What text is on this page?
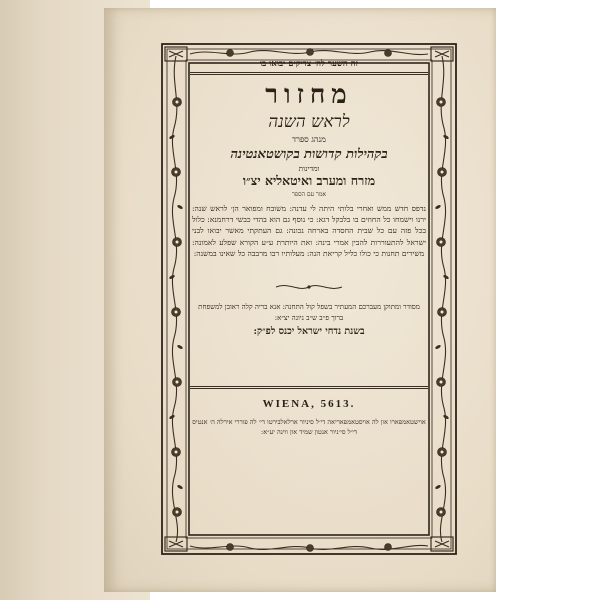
זה השער לה׳ צדיקים יבואו בו
מחזור
לראש השנה
מנהג ספרד
בקהילות קדושות בקושטאנטינה
ומדינות
מזרח ומערב ואיטאליא יצ״ו
אמר עם הספר
נדפס חדש ממש ואחרי בלותי היתה לי עדנה: משובח ומפואר הן׳ לראש שנה: ירנו וישמחו כל החוזים בו בלבקל דגא: כי נוסף גם הוא בהדי כבשי דרחמנא: כלול בכל פזה עם כל שבית החסדה בארחה נכונה: גם העתקתי מאשר יבואו לבני ישראל להתעוררות להבין אמרי בינה: ואת היותרת ע״ע הקורא שפלע לאמונה: משירים תחנות כי כולו כליל קריאת הנה: מעלותיו רבו מרבבה כל שאינו במשנה:
מסודר ומתוקן מעברכם המעתיר בשפל קול התחנה: אנא בריה קלה ראובן למשפחת ברוך פ״ב ש״ב ניונה יצ״א:
בשנת נדחי ישראל יכנס לפ״ק:
WIENA, 5613.
אוישטאמפארו און לה אויסטאמפאריאה די׳ל סיניור ארלאלבירטו די׳ לה פוררי אירלה ה׳ אנטיס די׳ל סי׳ניור אנטון שמיד און ווינה יע״א:
